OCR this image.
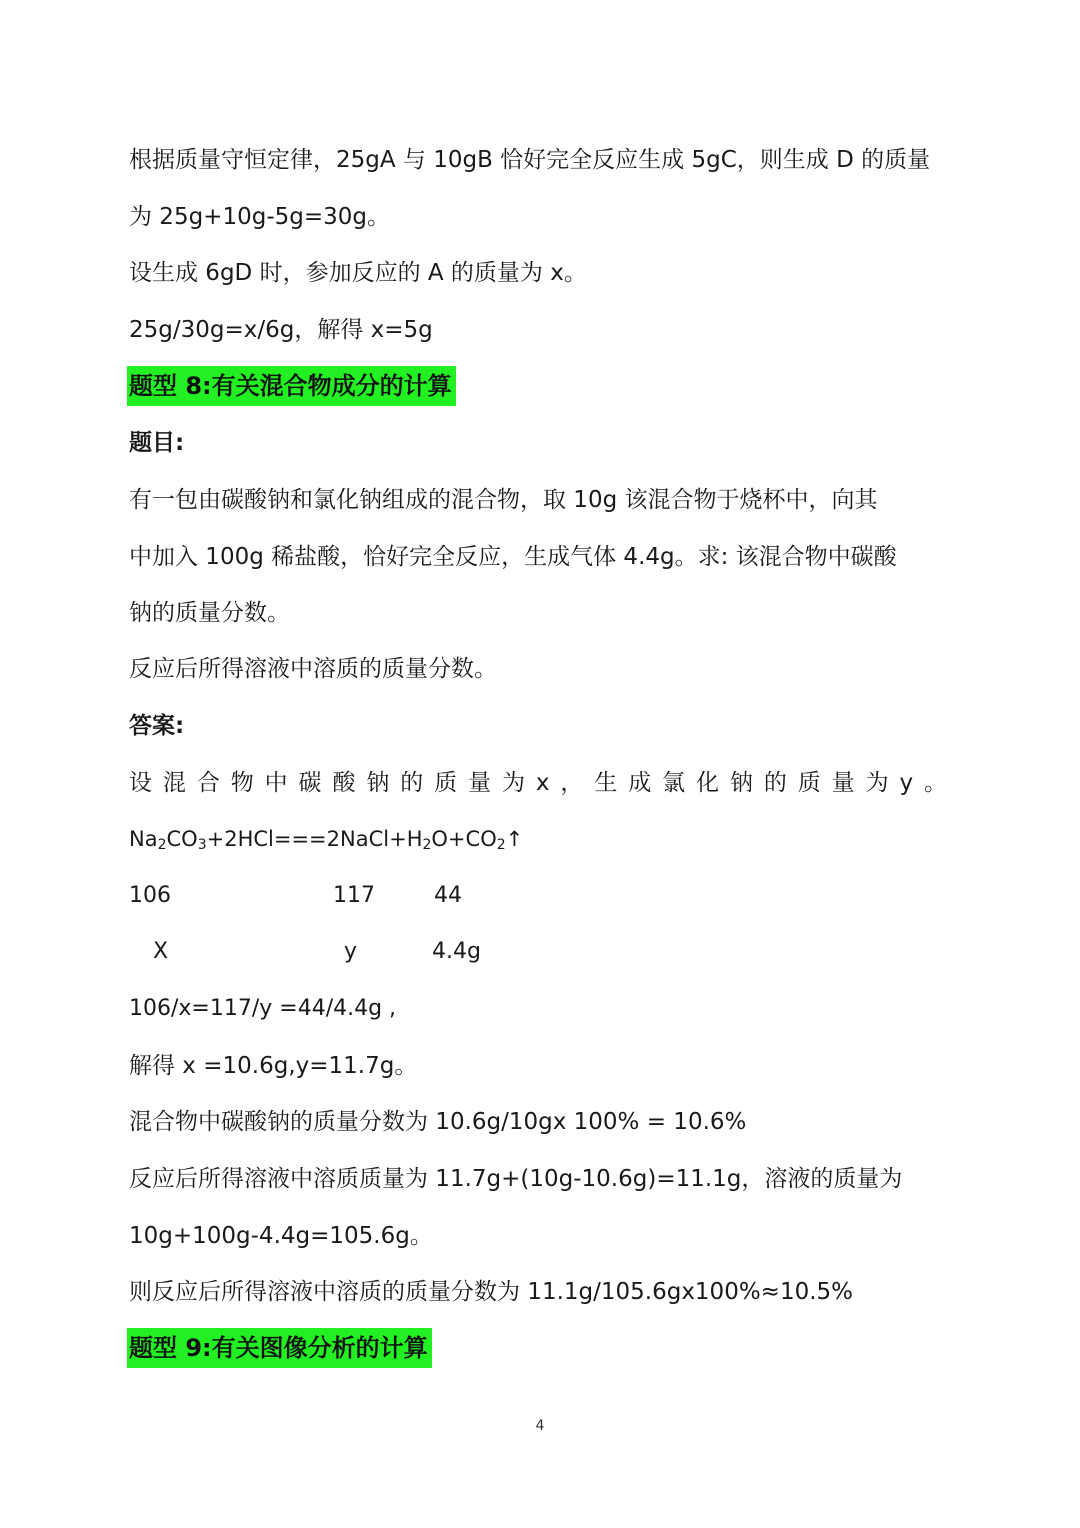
根据质量守恒定律，25gA 与 10gB 恰好完全反应生成 5gC，则生成 D 的质量
为 25g+10g-5g=30g。
设生成 6gD 时，参加反应的 A 的质量为 x。
25g/30g=x/6g，解得 x=5g
题型 8:有关混合物成分的计算
题目:
有一包由碳酸钠和氯化钠组成的混合物，取 10g 该混合物于烧杯中，向其
中加入 100g 稀盐酸，恰好完全反应，生成气体 4.4g。求: 该混合物中碳酸
钠的质量分数。
反应后所得溶液中溶质的质量分数。
答案:
设 混 合 物 中 碳 酸 钠 的 质 量 为 x ， 生 成 氯 化 钠 的 质 量 为 y 。
$Na_2CO_3+2HCl===2NaCl+H_2O+CO_2↑$
106	117	44
X	y	4.4g
106/x=117/y =44/4.4g ,
解得 x =10.6g,y=11.7g。
混合物中碳酸钠的质量分数为 10.6g/10gx 100% = 10.6%
反应后所得溶液中溶质质量为 11.7g+(10g-10.6g)=11.1g，溶液的质量为
10g+100g-4.4g=105.6g。
则反应后所得溶液中溶质的质量分数为 11.1g/105.6gx100%≈10.5%
题型 9:有关图像分析的计算
4
